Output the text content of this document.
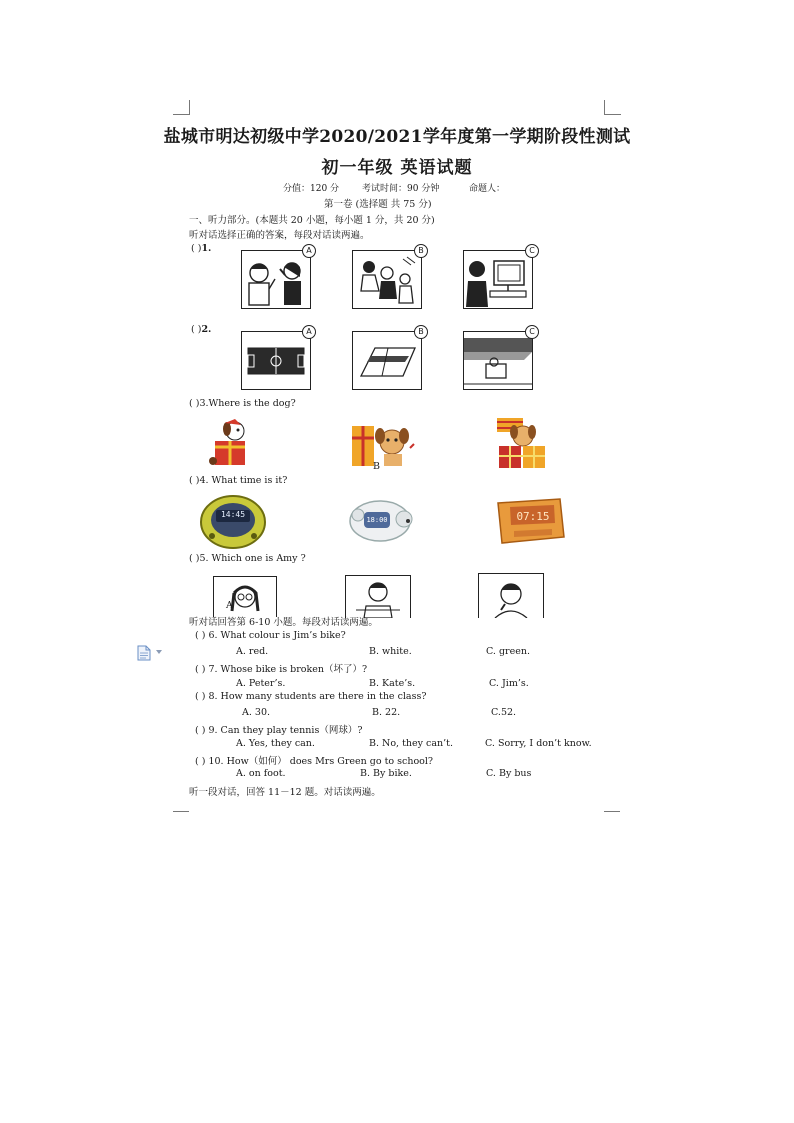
盐城市明达初级中学2020/2021学年度第一学期阶段性测试
初一年级 英语试题
分值：120 分	考试时间：90 分钟	命题人：
第一卷 (选择题 共 75 分)
一、听力部分。(本题共 20 小题，每小题 1 分，共 20 分)
听对话选择正确的答案，每段对话读两遍。
( )1.	A	B	C
( )2.	A	B	C
( )3.Where is the dog?
B
( )4. What time is it?
14:45
18:00	07:15
( )5. Which one is Amy ?
A
听对话回答第 6-10 小题。每段对话读两遍。
( ) 6. What colour is Jim’s bike?
A. red.	B. white.	C. green.
( ) 7. Whose bike is broken（坏了）?
A. Peter’s.	B. Kate’s.	C. Jim’s.
( ) 8. How many students are there in the class?
A. 30.	B. 22.	C.52.
( ) 9. Can they play tennis（网球）?
A. Yes, they can.	B. No, they can’t.	C. Sorry, I don’t know.
( ) 10. How（如何） does Mrs Green go to school?
A. on foot.	B. By bike.	C. By bus
听一段对话，回答 11－12 题。对话读两遍。
